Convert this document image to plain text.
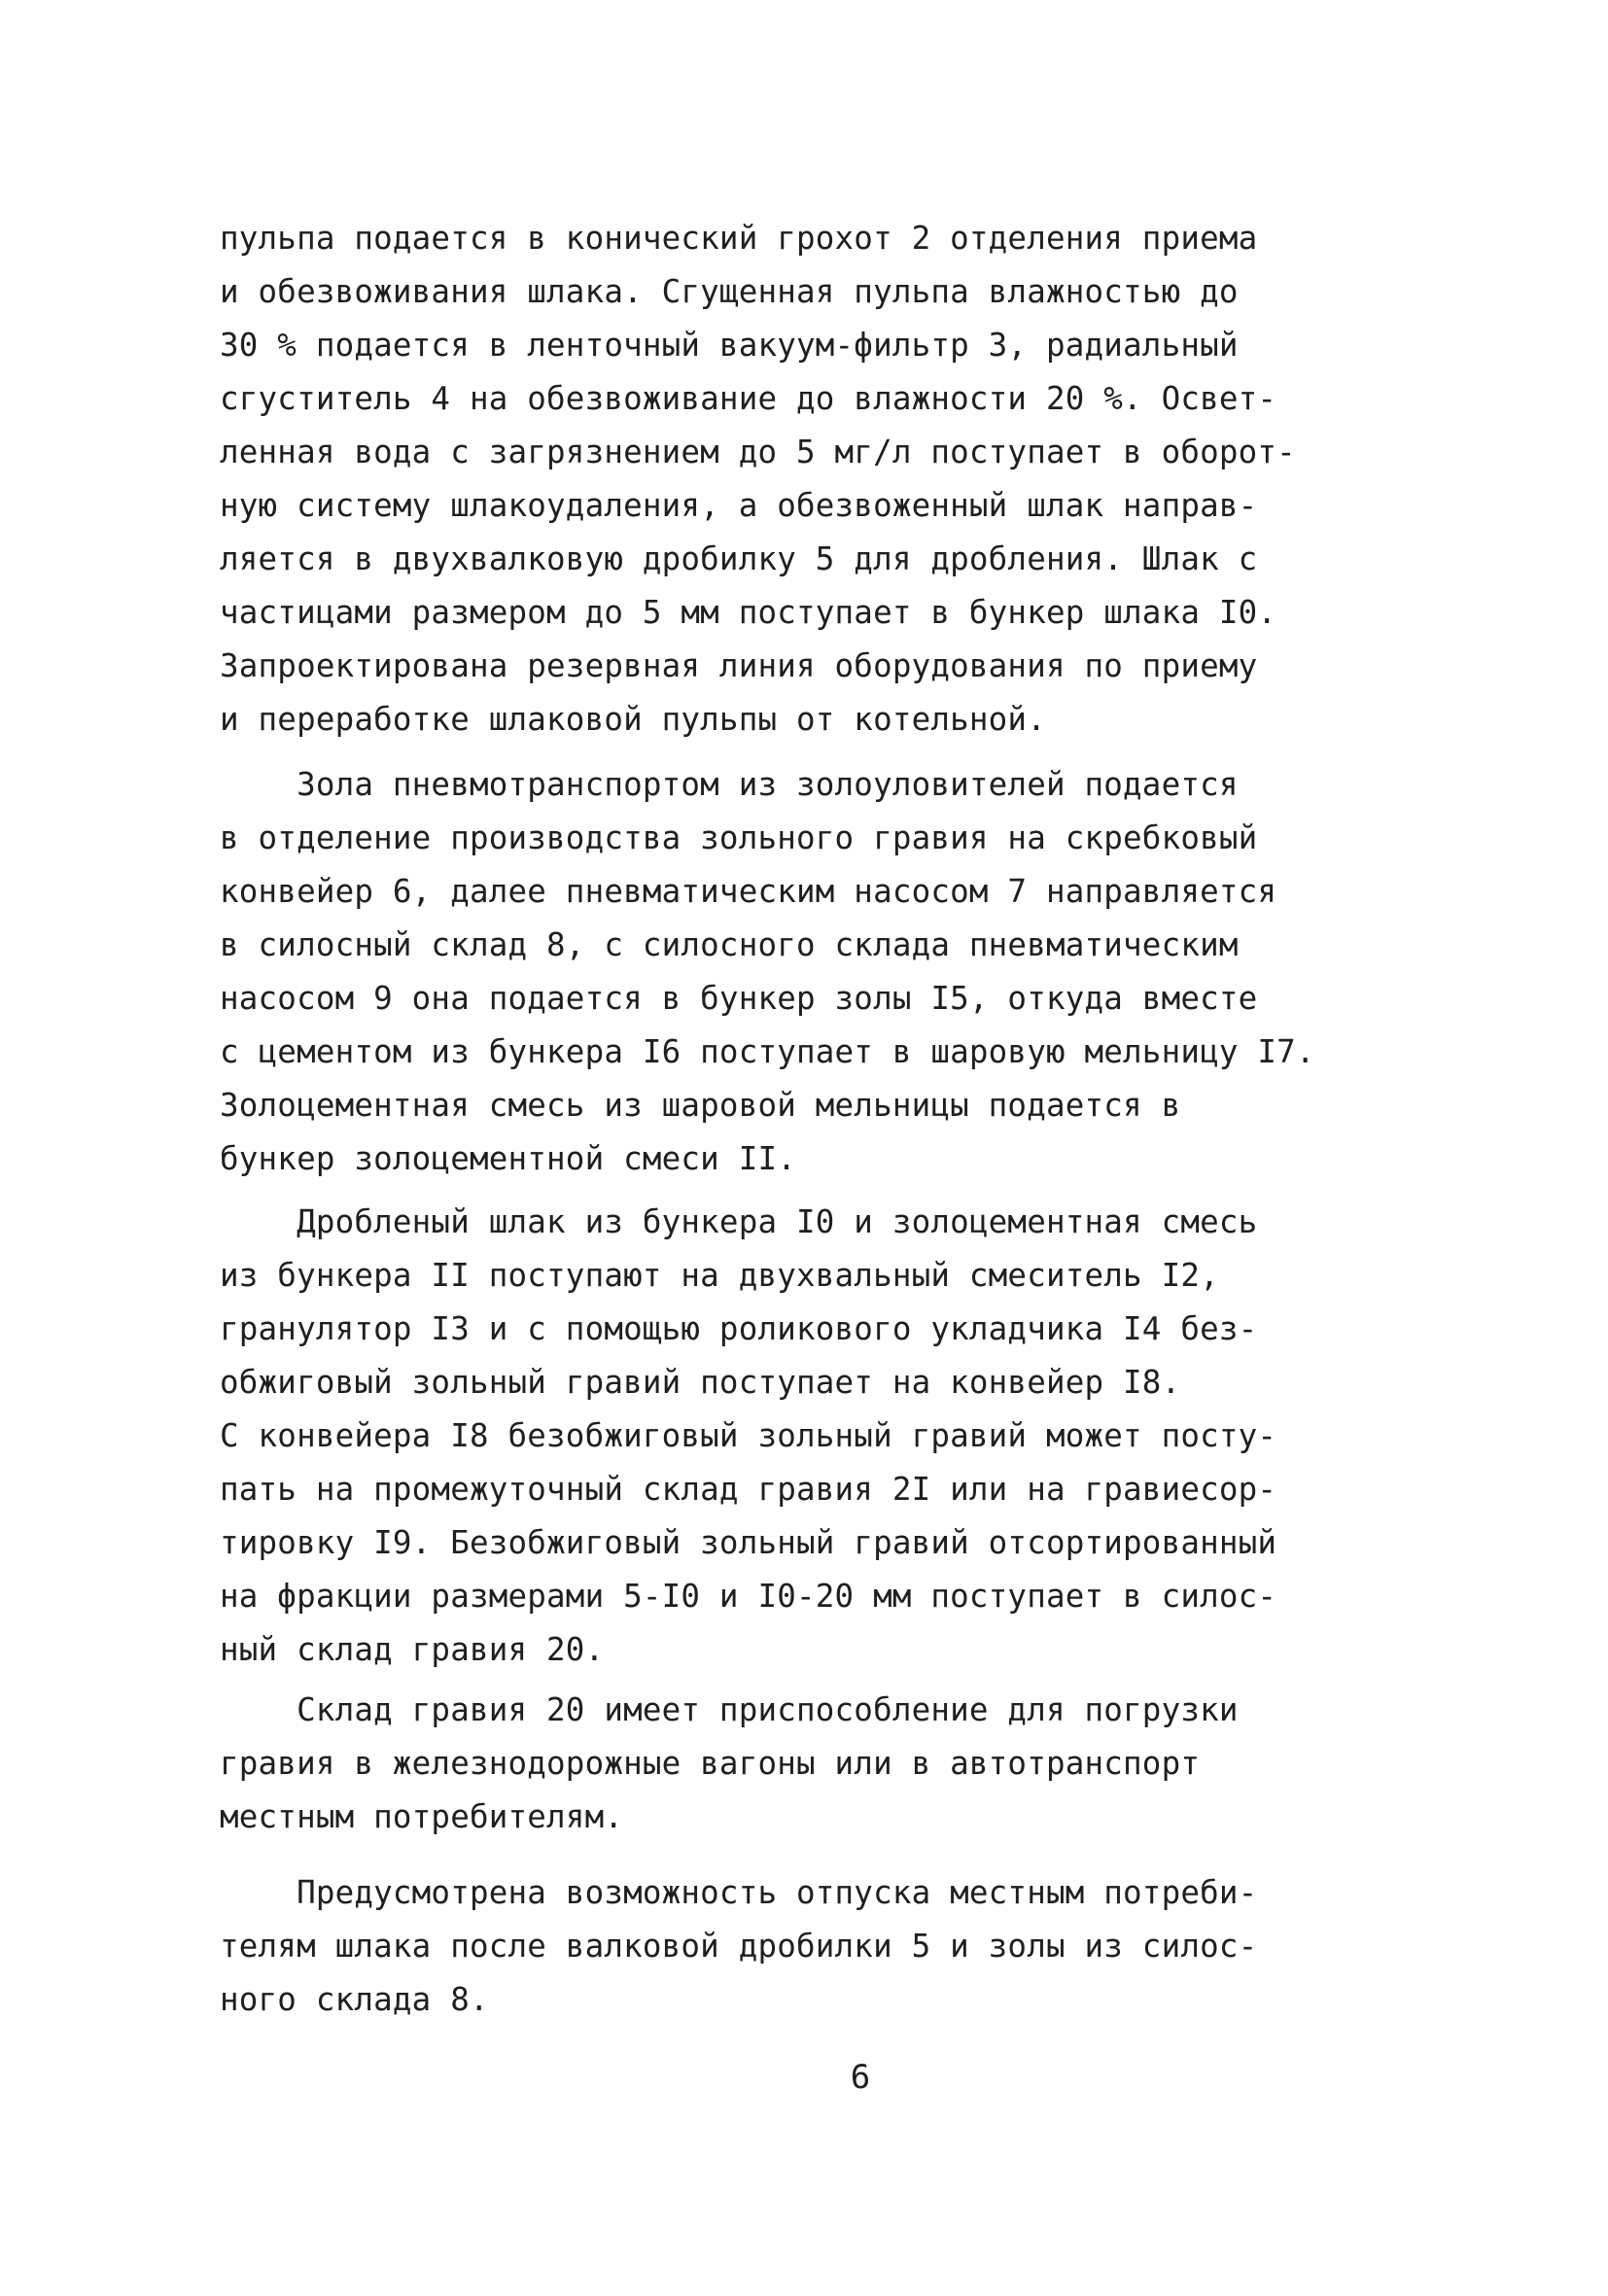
пульпа подается в конический грохот 2 отделения приема
и обезвоживания шлака. Сгущенная пульпа влажностью до
30 % подается в ленточный вакуум-фильтр 3, радиальный
сгуститель 4 на обезвоживание до влажности 20 %. Освет-
ленная вода с загрязнением до 5 мг/л поступает в оборот-
ную систему шлакоудаления, а обезвоженный шлак направ-
ляется в двухвалковую дробилку 5 для дробления. Шлак с
частицами размером до 5 мм поступает в бункер шлака I0.
Запроектирована резервная линия оборудования по приему
и переработке шлаковой пульпы от котельной.
Зола пневмотранспортом из золоуловителей подается
в отделение производства зольного гравия на скребковый
конвейер 6, далее пневматическим насосом 7 направляется
в силосный склад 8, с силосного склада пневматическим
насосом 9 она подается в бункер золы I5, откуда вместе
с цементом из бункера I6 поступает в шаровую мельницу I7.
Золоцементная смесь из шаровой мельницы подается в
бункер золоцементной смеси II.
Дробленый шлак из бункера I0 и золоцементная смесь
из бункера II поступают на двухвальный смеситель I2,
гранулятор I3 и с помощью роликового укладчика I4 без-
обжиговый зольный гравий поступает на конвейер I8.
С конвейера I8 безобжиговый зольный гравий может посту-
пать на промежуточный склад гравия 2I или на гравиесор-
тировку I9. Безобжиговый зольный гравий отсортированный
на фракции размерами 5-I0 и I0-20 мм поступает в силос-
ный склад гравия 20.
Склад гравия 20 имеет приспособление для погрузки
гравия в железнодорожные вагоны или в автотранспорт
местным потребителям.
Предусмотрена возможность отпуска местным потреби-
телям шлака после валковой дробилки 5 и золы из силос-
ного склада 8.
6
